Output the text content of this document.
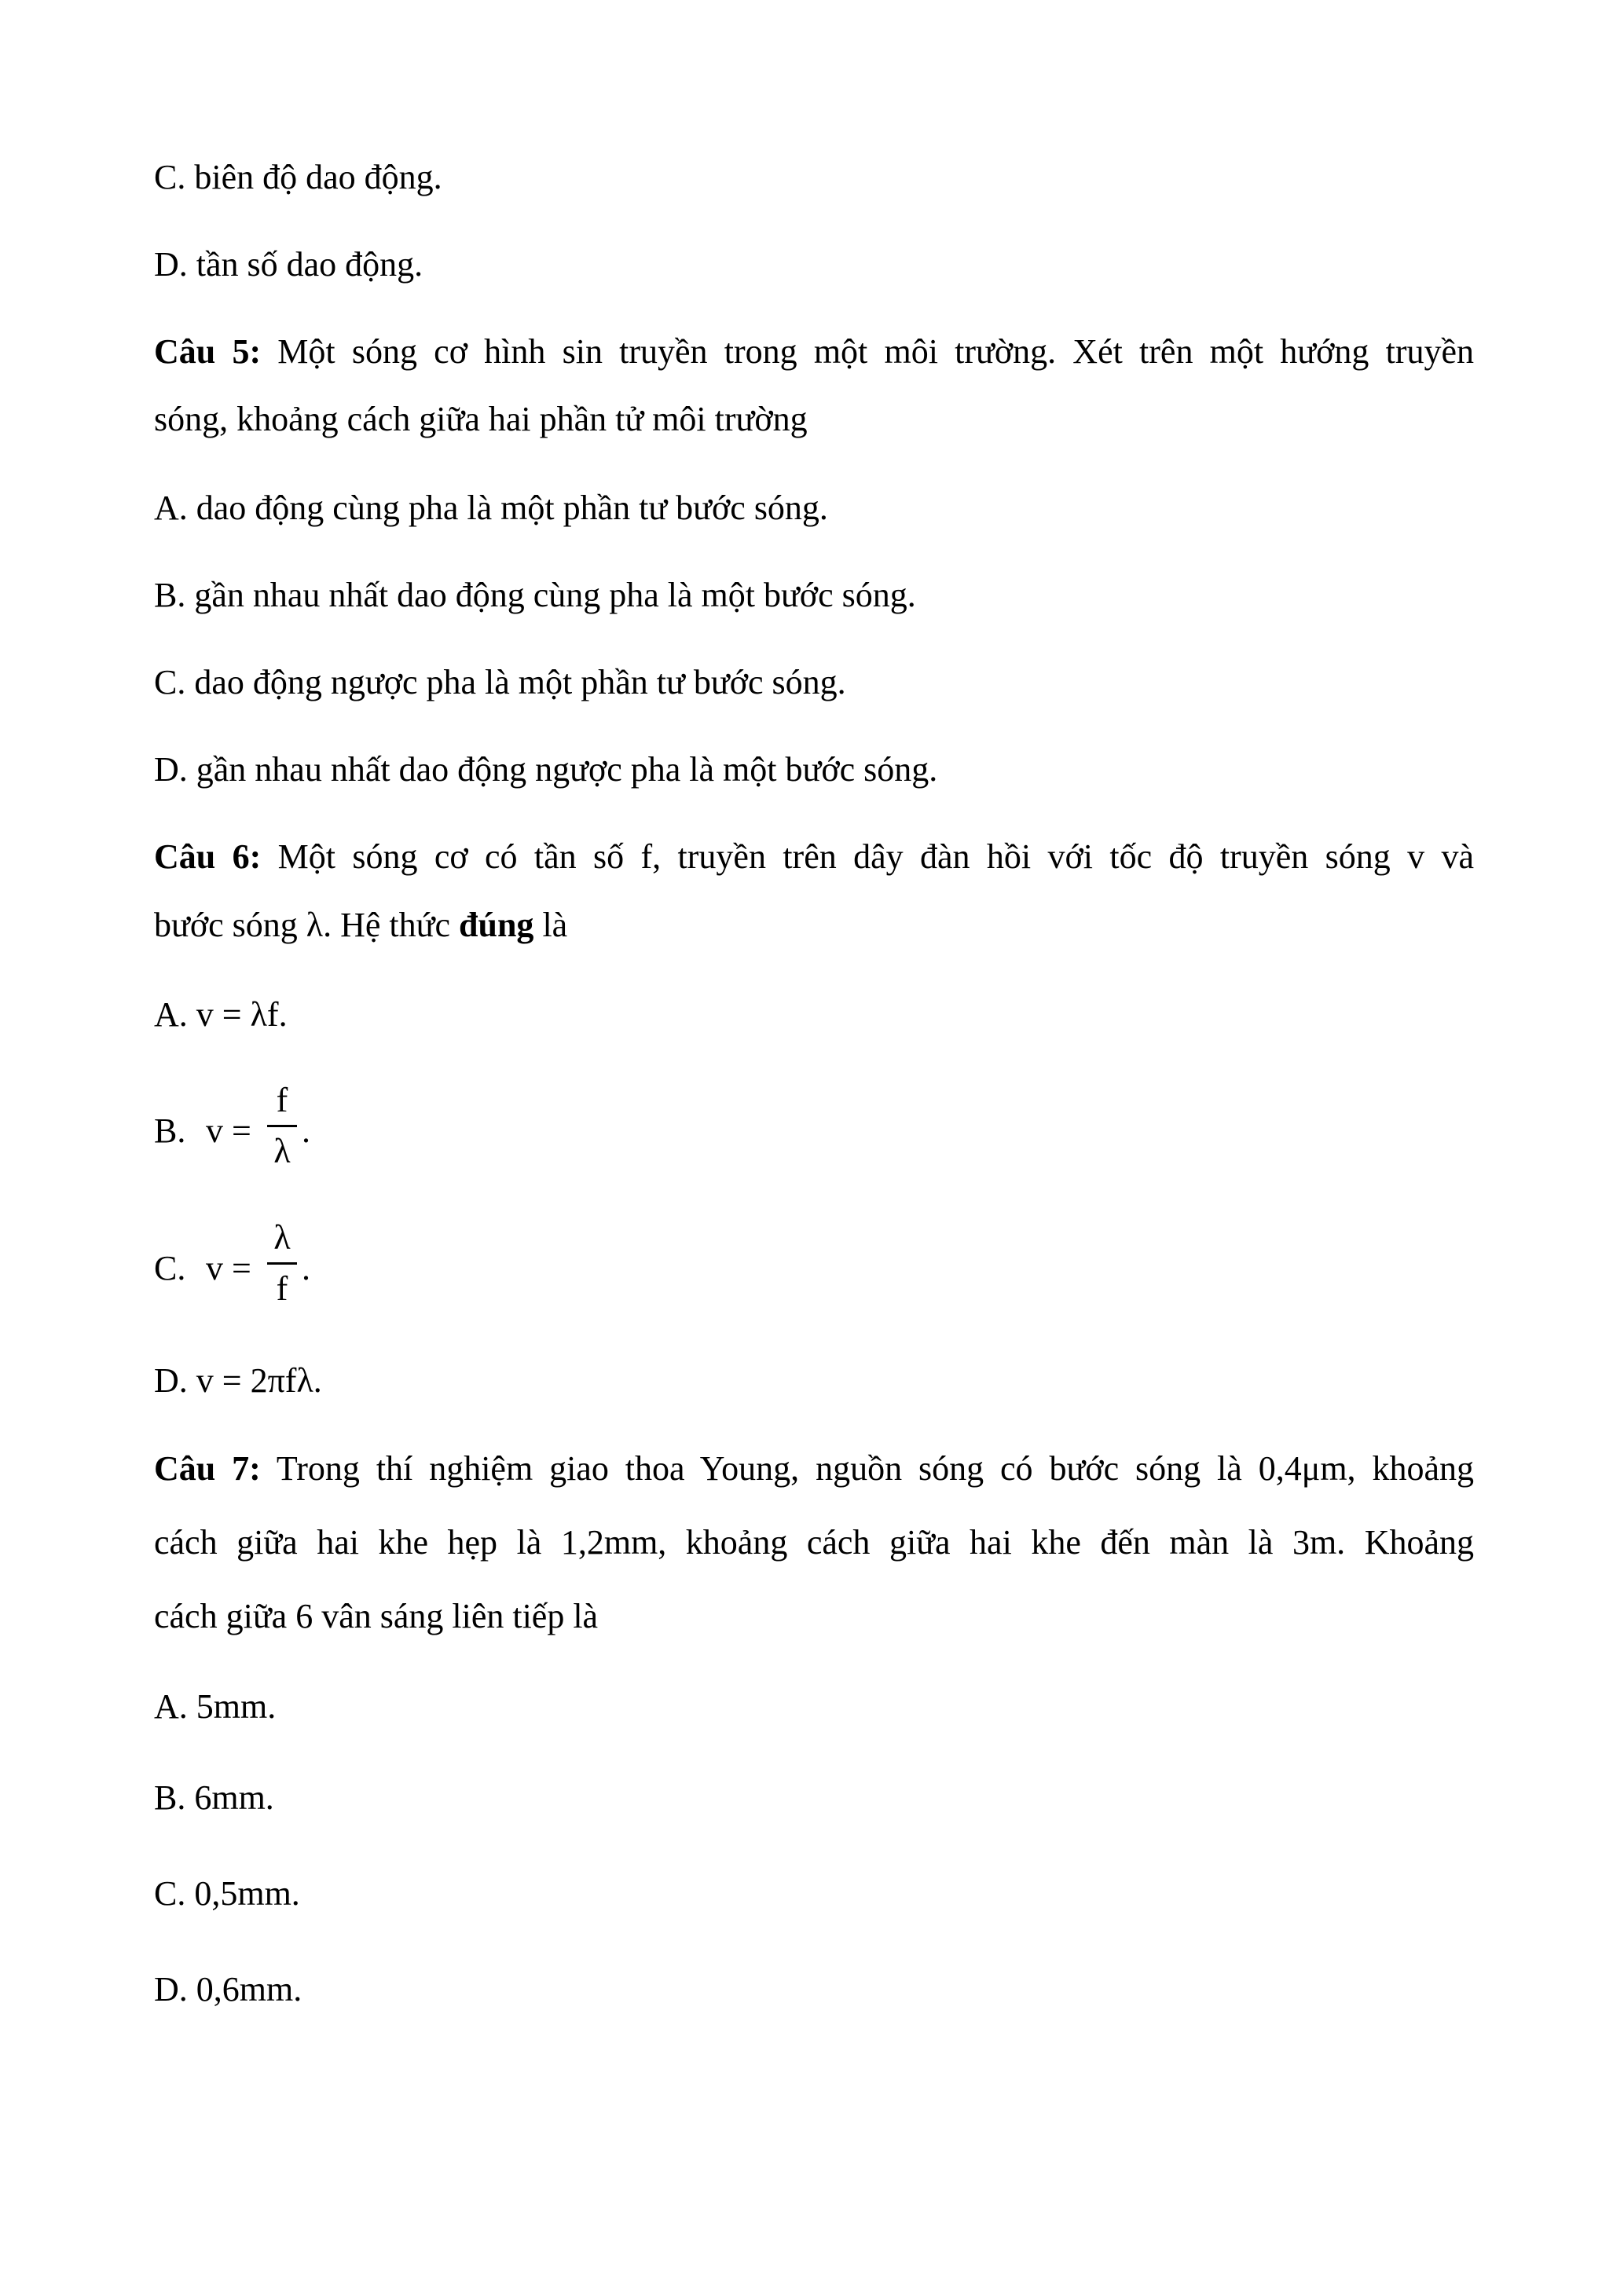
C. biên độ dao động.
D. tần số dao động.
Câu 5: Một sóng cơ hình sin truyền trong một môi trường. Xét trên một hướng truyền
sóng, khoảng cách giữa hai phần tử môi trường
A. dao động cùng pha là một phần tư bước sóng.
B. gần nhau nhất dao động cùng pha là một bước sóng.
C. dao động ngược pha là một phần tư bước sóng.
D. gần nhau nhất dao động ngược pha là một bước sóng.
Câu 6: Một sóng cơ có tần số f, truyền trên dây đàn hồi với tốc độ truyền sóng v và
bước sóng λ. Hệ thức đúng là
A. v = λf.
B. v =
f
λ
.
C. v =
λ
f
.
D. v = 2πfλ.
Câu 7: Trong thí nghiệm giao thoa Young, nguồn sóng có bước sóng là 0,4μm, khoảng
cách giữa hai khe hẹp là 1,2mm, khoảng cách giữa hai khe đến màn là 3m. Khoảng
cách giữa 6 vân sáng liên tiếp là
A. 5mm.
B. 6mm.
C. 0,5mm.
D. 0,6mm.
